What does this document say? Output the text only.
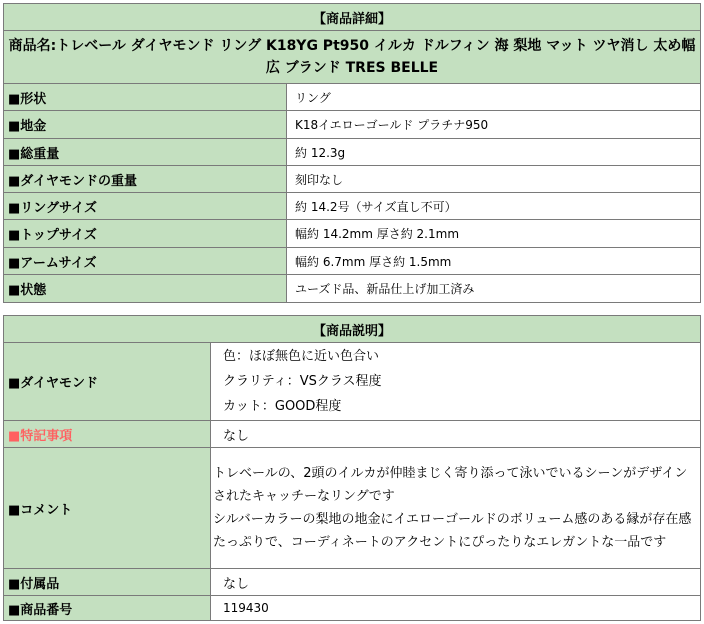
【商品詳細】	
商品名:トレベール ダイヤモンド リング K18YG Pt950 イルカ ドルフィン 海 梨地 マット ツヤ消し 太め幅広 ブランド TRES BELLE	
■形状	リング
■地金	K18イエローゴールド プラチナ950
■総重量	約 12.3g
■ダイヤモンドの重量	刻印なし
■リングサイズ	約 14.2号（サイズ直し不可）
■トップサイズ	幅約 14.2mm 厚さ約 2.1mm
■アームサイズ	幅約 6.7mm 厚さ約 1.5mm
■状態	ユーズド品、新品仕上げ加工済み
【商品説明】	
■ダイヤモンド	色：ほぼ無色に近い色合い
クラリティ：VSクラス程度
カット：GOOD程度

■特記事項	なし
■コメント	トレベールの、2頭のイルカが仲睦まじく寄り添って泳いでいるシーンがデザインされたキャッチーなリングです
シルバーカラーの梨地の地金にイエローゴールドのボリューム感のある縁が存在感たっぷりで、コーディネートのアクセントにぴったりなエレガントな一品です

■付属品	なし
■商品番号	119430
